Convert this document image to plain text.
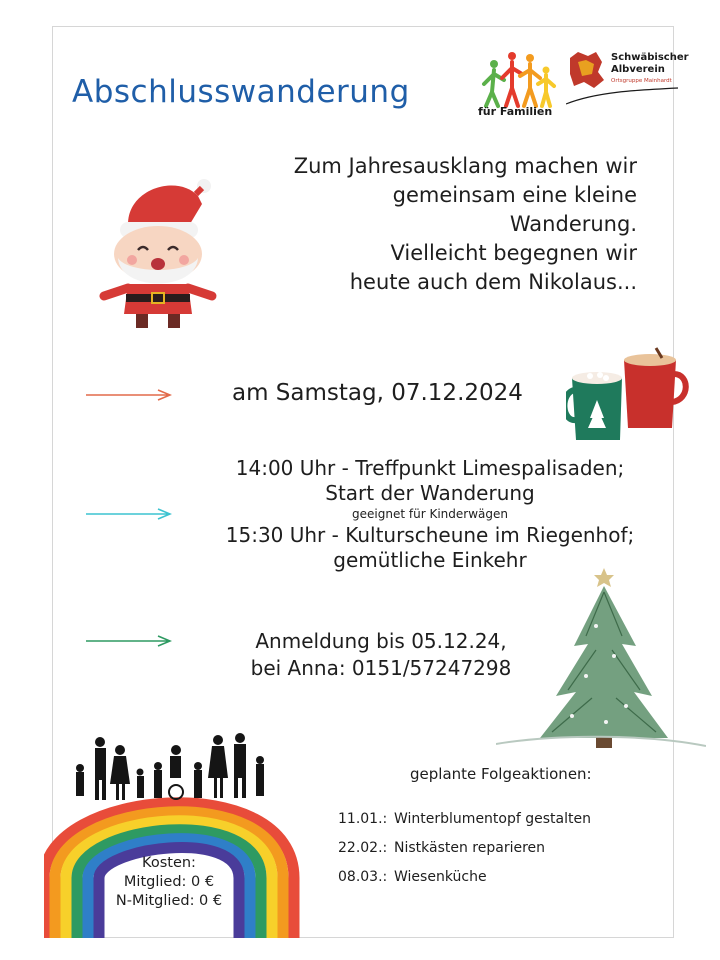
Abschlusswanderung
für Familien
Schwäbischer
Albverein
Ortsgruppe Mainhardt
Zum Jahresausklang machen wir
gemeinsam eine kleine
Wanderung.
Vielleicht begegnen wir
heute auch dem Nikolaus...
am Samstag, 07.12.2024
14:00 Uhr - Treffpunkt Limespalisaden;
Start der Wanderung
geeignet für Kinderwägen
15:30 Uhr - Kulturscheune im Riegenhof;
gemütliche Einkehr
Anmeldung bis 05.12.24,
bei Anna: 0151/57247298
Kosten:
Mitglied: 0 €
N-Mitglied: 0 €
geplante Folgeaktionen:
11.01.: Winterblumentopf gestalten
22.02.: Nistkästen reparieren
08.03.: Wiesenküche
